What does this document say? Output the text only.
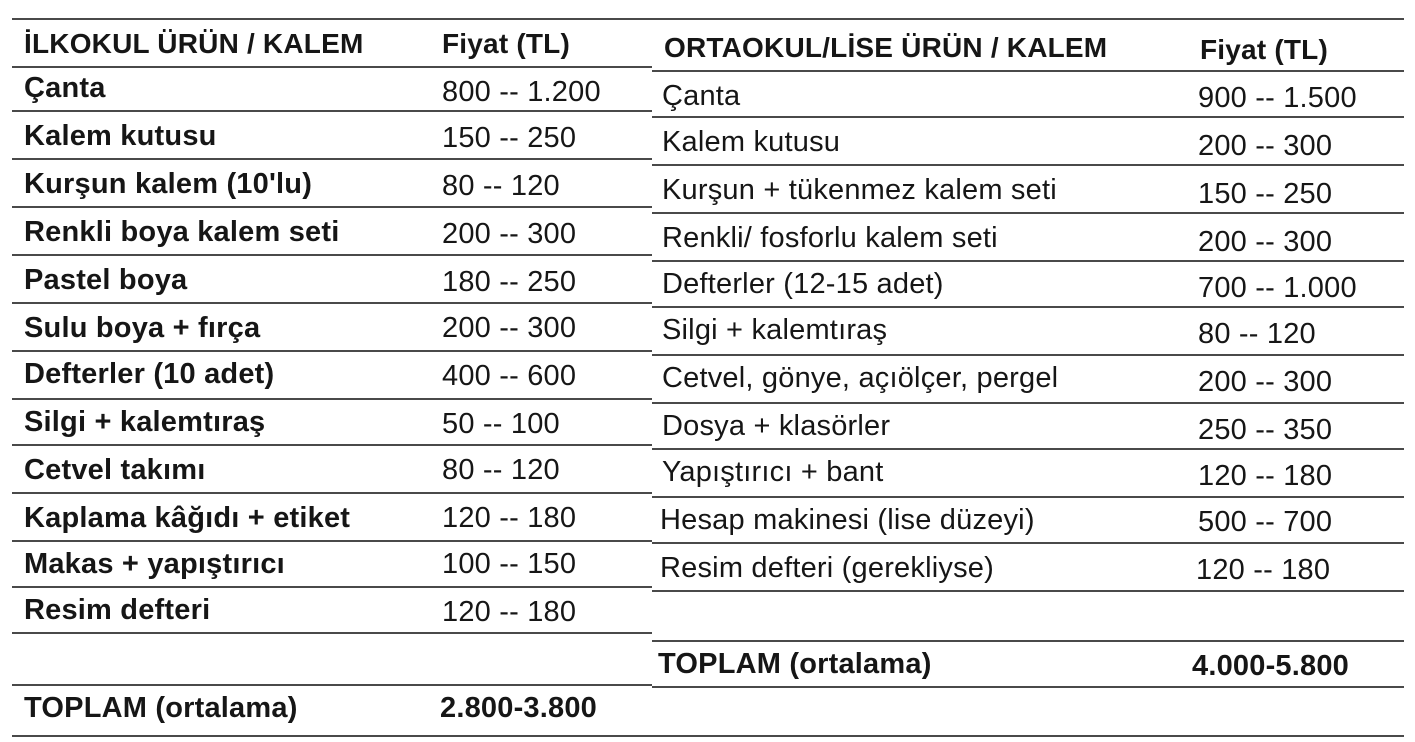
İLKOKUL ÜRÜN / KALEM	Fiyat (TL)
Çanta	800 -- 1.200
Kalem kutusu	150 -- 250
Kurşun kalem (10'lu)	80 -- 120
Renkli boya kalem seti	200 -- 300
Pastel boya	180 -- 250
Sulu boya + fırça	200 -- 300
Defterler (10 adet)	400 -- 600
Silgi + kalemtıraş	50 -- 100
Cetvel takımı	80 -- 120
Kaplama kâğıdı + etiket	120 -- 180
Makas + yapıştırıcı	100 -- 150
Resim defteri	120 -- 180
TOPLAM (ortalama)	2.800-3.800
ORTAOKUL/LİSE ÜRÜN / KALEM	Fiyat (TL)
Çanta	900 -- 1.500
Kalem kutusu	200 -- 300
Kurşun + tükenmez kalem seti	150 -- 250
Renkli/ fosforlu kalem seti	200 -- 300
Defterler (12-15 adet)	700 -- 1.000
Silgi + kalemtıraş	80 -- 120
Cetvel, gönye, açıölçer, pergel	200 -- 300
Dosya + klasörler	250 -- 350
Yapıştırıcı + bant	120 -- 180
Hesap makinesi (lise düzeyi)	500 -- 700
Resim defteri (gerekliyse)	120 -- 180
TOPLAM (ortalama)	4.000-5.800
